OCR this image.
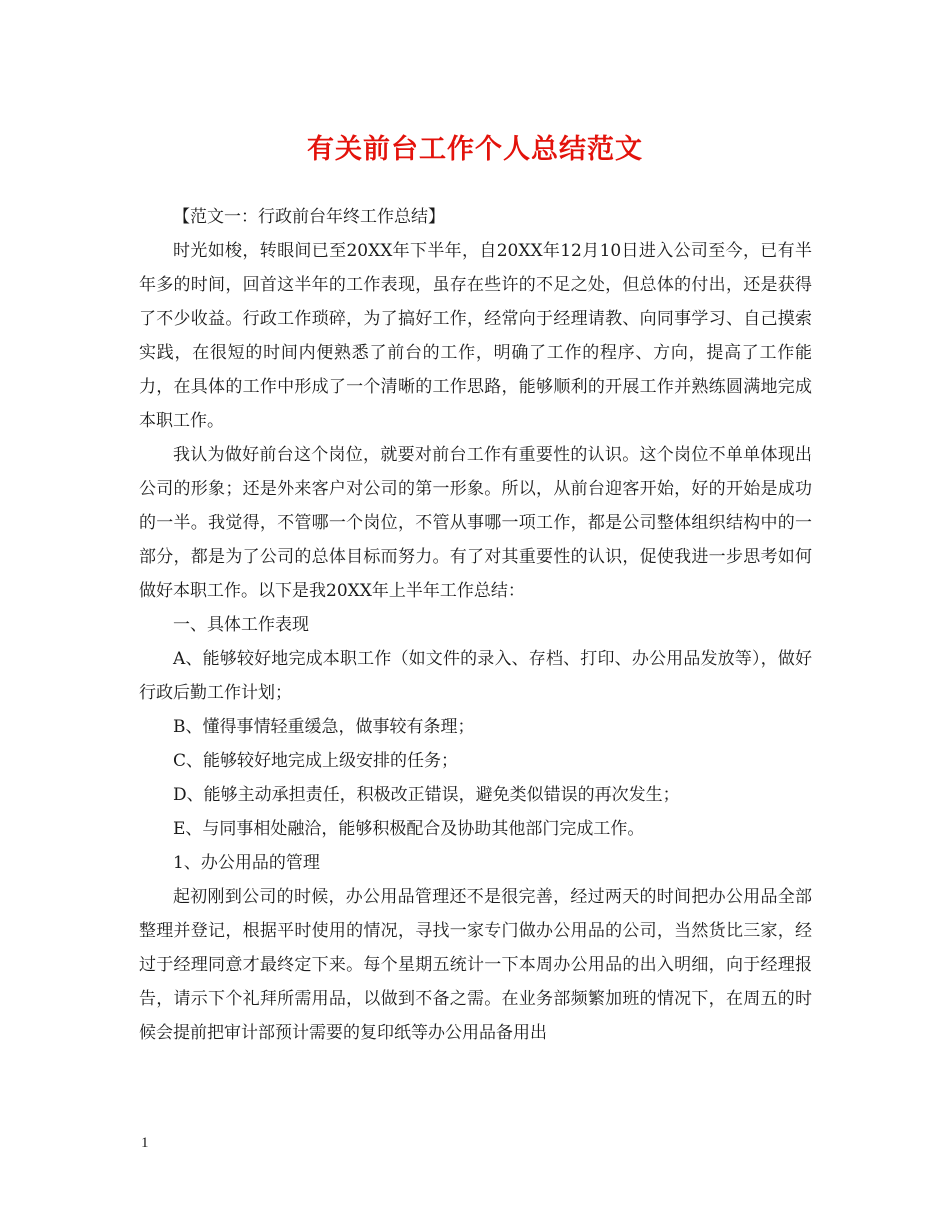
有关前台工作个人总结范文

【范文一：行政前台年终工作总结】

时光如梭，转眼间已至20XX年下半年，自20XX年12月10日进入公司至今，已有半年多的时间，回首这半年的工作表现，虽存在些许的不足之处，但总体的付出，还是获得了不少收益。行政工作琐碎，为了搞好工作，经常向于经理请教、向同事学习、自己摸索实践，在很短的时间内便熟悉了前台的工作，明确了工作的程序、方向，提高了工作能力，在具体的工作中形成了一个清晰的工作思路，能够顺利的开展工作并熟练圆满地完成本职工作。

我认为做好前台这个岗位，就要对前台工作有重要性的认识。这个岗位不单单体现出公司的形象；还是外来客户对公司的第一形象。所以，从前台迎客开始，好的开始是成功的一半。我觉得，不管哪一个岗位，不管从事哪一项工作，都是公司整体组织结构中的一部分，都是为了公司的总体目标而努力。有了对其重要性的认识，促使我进一步思考如何做好本职工作。以下是我20XX年上半年工作总结：

一、具体工作表现

A、能够较好地完成本职工作（如文件的录入、存档、打印、办公用品发放等），做好行政后勤工作计划；

B、懂得事情轻重缓急，做事较有条理；

C、能够较好地完成上级安排的任务；

D、能够主动承担责任，积极改正错误，避免类似错误的再次发生；

E、与同事相处融洽，能够积极配合及协助其他部门完成工作。

1、办公用品的管理

起初刚到公司的时候，办公用品管理还不是很完善，经过两天的时间把办公用品全部整理并登记，根据平时使用的情况，寻找一家专门做办公用品的公司，当然货比三家，经过于经理同意才最终定下来。每个星期五统计一下本周办公用品的出入明细，向于经理报告，请示下个礼拜所需用品，以做到不备之需。在业务部频繁加班的情况下，在周五的时候会提前把审计部预计需要的复印纸等办公用品备用出

1
